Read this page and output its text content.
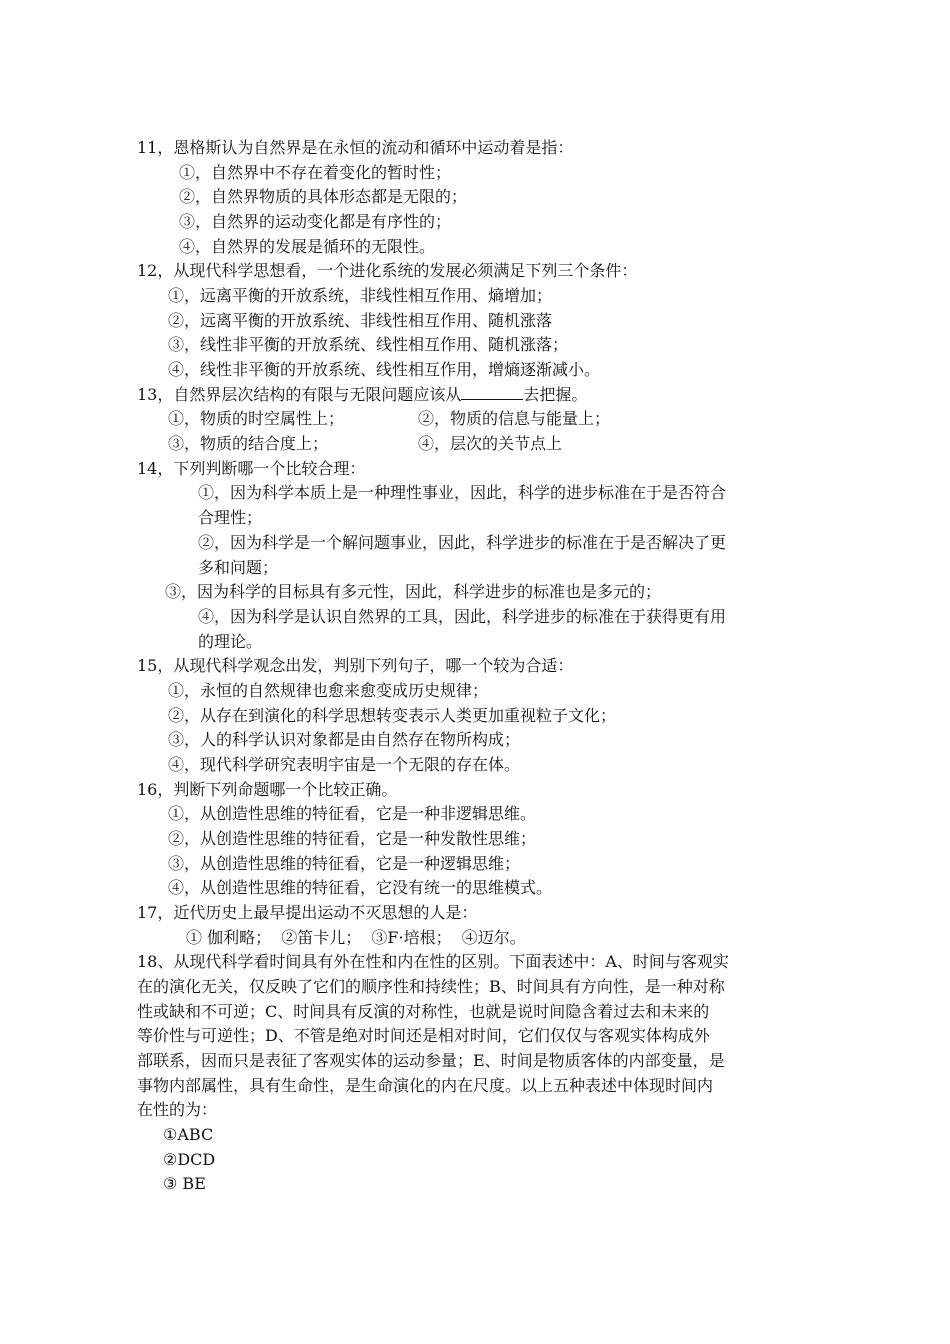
11，恩格斯认为自然界是在永恒的流动和循环中运动着是指：
①，自然界中不存在着变化的暂时性；
②，自然界物质的具体形态都是无限的；
③，自然界的运动变化都是有序性的；
④，自然界的发展是循环的无限性。
12，从现代科学思想看，一个进化系统的发展必须满足下列三个条件：
①，远离平衡的开放系统，非线性相互作用、熵增加；
②，远离平衡的开放系统、非线性相互作用、随机涨落
③，线性非平衡的开放系统、线性相互作用、随机涨落；
④，线性非平衡的开放系统、线性相互作用，增熵逐渐减小。
13，自然界层次结构的有限与无限问题应该从	去把握。
①，物质的时空属性上；	②，物质的信息与能量上；
③，物质的结合度上；	④，层次的关节点上
14，下列判断哪一个比较合理：
①，因为科学本质上是一种理性事业，因此，科学的进步标准在于是否符合
合理性；
②，因为科学是一个解问题事业，因此，科学进步的标准在于是否解决了更
多和问题；
③，因为科学的目标具有多元性，因此，科学进步的标准也是多元的；
④，因为科学是认识自然界的工具，因此，科学进步的标准在于获得更有用
的理论。
15，从现代科学观念出发，判别下列句子，哪一个较为合适：
①，永恒的自然规律也愈来愈变成历史规律；
②，从存在到演化的科学思想转变表示人类更加重视粒子文化；
③，人的科学认识对象都是由自然存在物所构成；
④，现代科学研究表明宇宙是一个无限的存在体。
16，判断下列命题哪一个比较正确。
①，从创造性思维的特征看，它是一种非逻辑思维。
②，从创造性思维的特征看，它是一种发散性思维；
③，从创造性思维的特征看，它是一种逻辑思维；
④，从创造性思维的特征看，它没有统一的思维模式。
17，近代历史上最早提出运动不灭思想的人是：
① 伽利略；  ②笛卡儿；  ③F·培根；  ④迈尔。
18、从现代科学看时间具有外在性和内在性的区别。下面表述中：A、时间与客观实
在的演化无关，仅反映了它们的顺序性和持续性；B、时间具有方向性，是一种对称
性或缺和不可逆；C、时间具有反演的对称性，也就是说时间隐含着过去和未来的
等价性与可逆性；D、不管是绝对时间还是相对时间，它们仅仅与客观实体构成外
部联系，因而只是表征了客观实体的运动参量；E、时间是物质客体的内部变量，是
事物内部属性，具有生命性，是生命演化的内在尺度。以上五种表述中体现时间内
在性的为：
①ABC
②DCD
③ BE
